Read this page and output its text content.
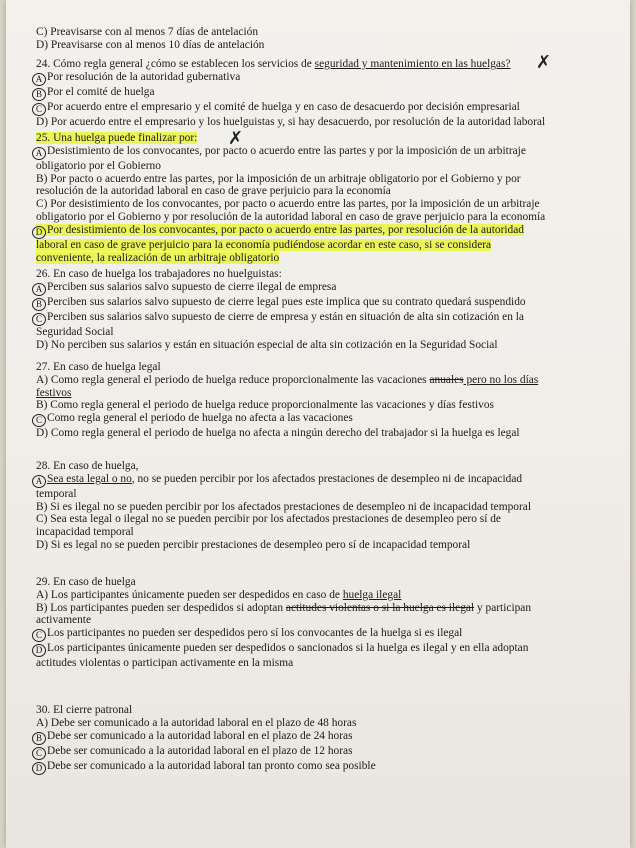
C) Preavisarse con al menos 7 días de antelación
D) Preavisarse con al menos 10 días de antelación
24. Cómo regla general ¿cómo se establecen los servicios de seguridad y mantenimiento en las huelgas?
A Por resolución de la autoridad gubernativa
B Por el comité de huelga
C Por acuerdo entre el empresario y el comité de huelga y en caso de desacuerdo por decisión empresarial
D) Por acuerdo entre el empresario y los huelguistas y, si hay desacuerdo, por resolución de la autoridad laboral
✗
25. Una huelga puede finalizar por:
A Desistimiento de los convocantes, por pacto o acuerdo entre las partes y por la imposición de un arbitraje
obligatorio por el Gobierno
B) Por pacto o acuerdo entre las partes, por la imposición de un arbitraje obligatorio por el Gobierno y por
resolución de la autoridad laboral en caso de grave perjuicio para la economía
C) Por desistimiento de los convocantes, por pacto o acuerdo entre las partes, por la imposición de un arbitraje
obligatorio por el Gobierno y por resolución de la autoridad laboral en caso de grave perjuicio para la economía
D Por desistimiento de los convocantes, por pacto o acuerdo entre las partes, por resolución de la autoridad
laboral en caso de grave perjuicio para la economía pudiéndose acordar en este caso, si se considera
conveniente, la realización de un arbitraje obligatorio
✗
26. En caso de huelga los trabajadores no huelguistas:
A Perciben sus salarios salvo supuesto de cierre ilegal de empresa
B Perciben sus salarios salvo supuesto de cierre legal pues este implica que su contrato quedará suspendido
C Perciben sus salarios salvo supuesto de cierre de empresa y están en situación de alta sin cotización en la
Seguridad Social
D) No perciben sus salarios y están en situación especial de alta sin cotización en la Seguridad Social
27. En caso de huelga legal
A) Como regla general el periodo de huelga reduce proporcionalmente las vacaciones anuales pero no los días
festivos
B) Como regla general el periodo de huelga reduce proporcionalmente las vacaciones y días festivos
C Como regla general el periodo de huelga no afecta a las vacaciones
D) Como regla general el periodo de huelga no afecta a ningún derecho del trabajador si la huelga es legal
28. En caso de huelga,
A Sea esta legal o no, no se pueden percibir por los afectados prestaciones de desempleo ni de incapacidad
temporal
B) Si es ilegal no se pueden percibir por los afectados prestaciones de desempleo ni de incapacidad temporal
C) Sea esta legal o ilegal no se pueden percibir por los afectados prestaciones de desempleo pero sí de
incapacidad temporal
D) Si es legal no se pueden percibir prestaciones de desempleo pero sí de incapacidad temporal
29. En caso de huelga
A) Los participantes únicamente pueden ser despedidos en caso de huelga ilegal
B) Los participantes pueden ser despedidos si adoptan actitudes violentas o si la huelga es ilegal y participan
activamente
C Los participantes no pueden ser despedidos pero sí los convocantes de la huelga si es ilegal
D Los participantes únicamente pueden ser despedidos o sancionados si la huelga es ilegal y en ella adoptan
actitudes violentas o participan activamente en la misma
30. El cierre patronal
A) Debe ser comunicado a la autoridad laboral en el plazo de 48 horas
B Debe ser comunicado a la autoridad laboral en el plazo de 24 horas
C Debe ser comunicado a la autoridad laboral en el plazo de 12 horas
D Debe ser comunicado a la autoridad laboral tan pronto como sea posible
